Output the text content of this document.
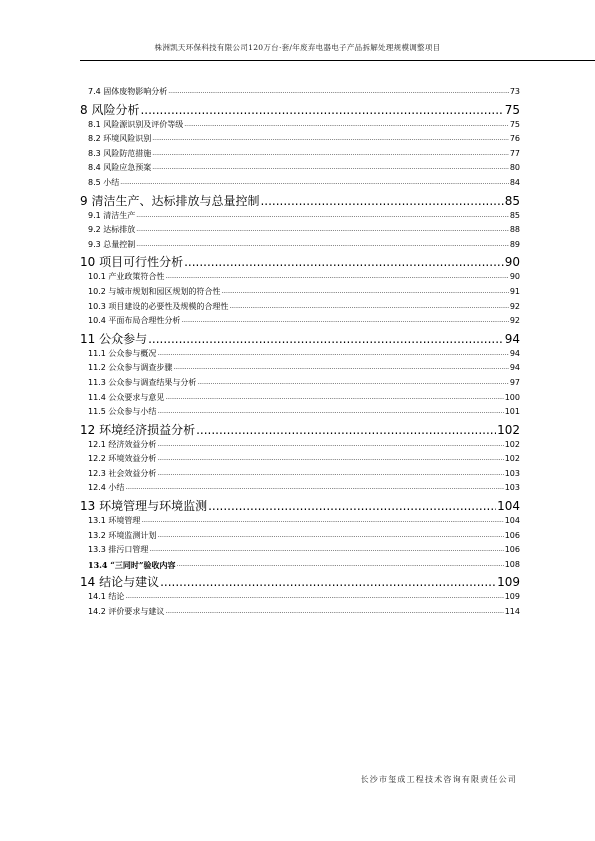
株洲凯天环保科技有限公司120万台·套/年废弃电器电子产品拆解处理规模调整项目
7.4 固体废物影响分析 .....	73
8 风险分析 .....	75
8.1 风险源识别及评价等级 .....	75
8.2 环境风险识别 .....	76
8.3 风险防范措施 .....	77
8.4 风险应急预案 .....	80
8.5 小结 .....	84
9 清洁生产、达标排放与总量控制 .....	85
9.1 清洁生产 .....	85
9.2 达标排放 .....	88
9.3 总量控制 .....	89
10 项目可行性分析 .....	90
10.1 产业政策符合性 .....	90
10.2 与城市规划和园区规划的符合性 .....	91
10.3 项目建设的必要性及规模的合理性 .....	92
10.4 平面布局合理性分析 .....	92
11 公众参与 .....	94
11.1 公众参与概况 .....	94
11.2 公众参与调查步骤 .....	94
11.3 公众参与调查结果与分析 .....	97
11.4 公众要求与意见 .....	100
11.5 公众参与小结 .....	101
12 环境经济损益分析 .....	102
12.1 经济效益分析 .....	102
12.2 环境效益分析 .....	102
12.3 社会效益分析 .....	103
12.4 小结 .....	103
13 环境管理与环境监测 .....	104
13.1 环境管理 .....	104
13.2 环境监测计划 .....	106
13.3 排污口管理 .....	106
13.4 “三同时”验收内容 .....	108
14 结论与建议 .....	109
14.1 结论 .....	109
14.2 评价要求与建议 .....	114
长沙市玺成工程技术咨询有限责任公司
